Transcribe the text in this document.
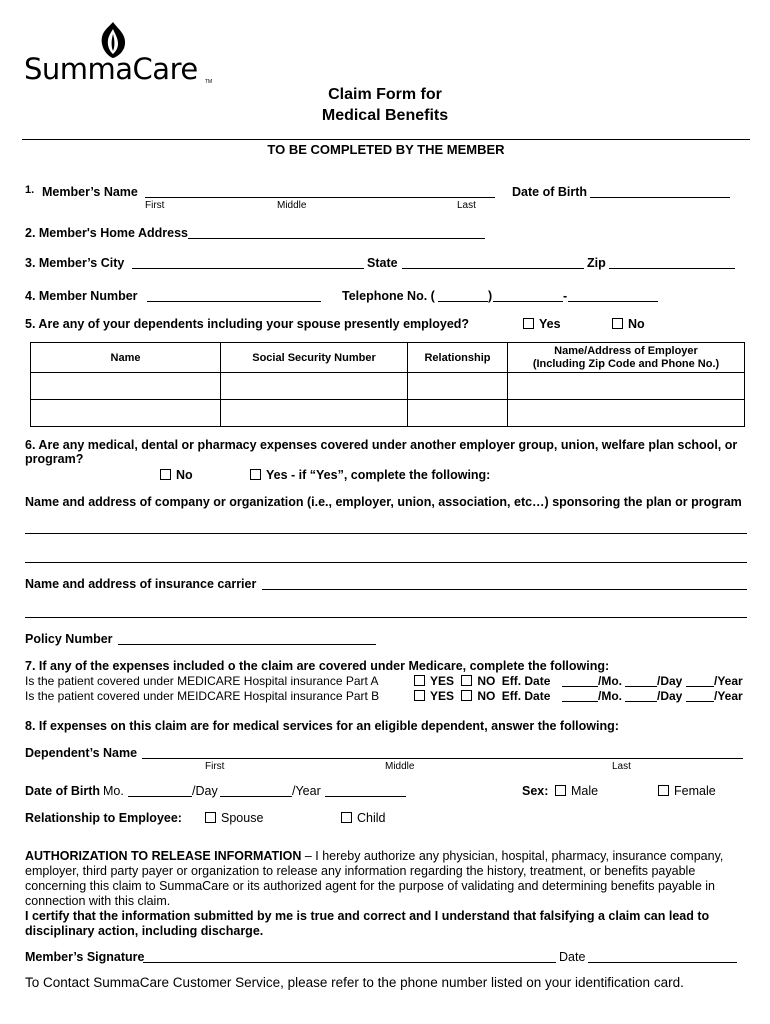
SummaCare TM
Claim Form for
Medical Benefits
TO BE COMPLETED BY THE MEMBER
1. Member’s Name
First	Middle	Last
Date of Birth
2. Member's Home Address
3. Member’s City	State	Zip
4. Member Number	Telephone No. (	)	-
5. Are any of your dependents including your spouse presently employed?	Yes	No
Name	Social Security Number	Relationship	Name/Address of Employer
(Including Zip Code and Phone No.)

6. Are any medical, dental or pharmacy expenses covered under another employer group, union, welfare plan school, or
program?
No	Yes - if “Yes”, complete the following:
Name and address of company or organization (i.e., employer, union, association, etc…) sponsoring the plan or program
Name and address of insurance carrier
Policy Number
7. If any of the expenses included o the claim are covered under Medicare, complete the following:
Is the patient covered under MEDICARE Hospital insurance Part A	YES NO Eff. Date	/Mo.	/Day	/Year
Is the patient covered under MEIDCARE Hospital insurance Part B	YES NO Eff. Date	/Mo.	/Day	/Year
8. If expenses on this claim are for medical services for an eligible dependent, answer the following:
Dependent’s Name
First	Middle	Last
Date of Birth Mo.	/Day	/Year	Sex:	Male	Female
Relationship to Employee:	Spouse	Child
AUTHORIZATION TO RELEASE INFORMATION – I hereby authorize any physician, hospital, pharmacy, insurance company, employer, third party payer or organization to release any information regarding the history, treatment, or benefits payable concerning this claim to SummaCare or its authorized agent for the purpose of validating and determining benefits payable in connection with this claim.
I certify that the information submitted by me is true and correct and I understand that falsifying a claim can lead to disciplinary action, including discharge.
Member’s Signature	Date
To Contact SummaCare Customer Service, please refer to the phone number listed on your identification card.
